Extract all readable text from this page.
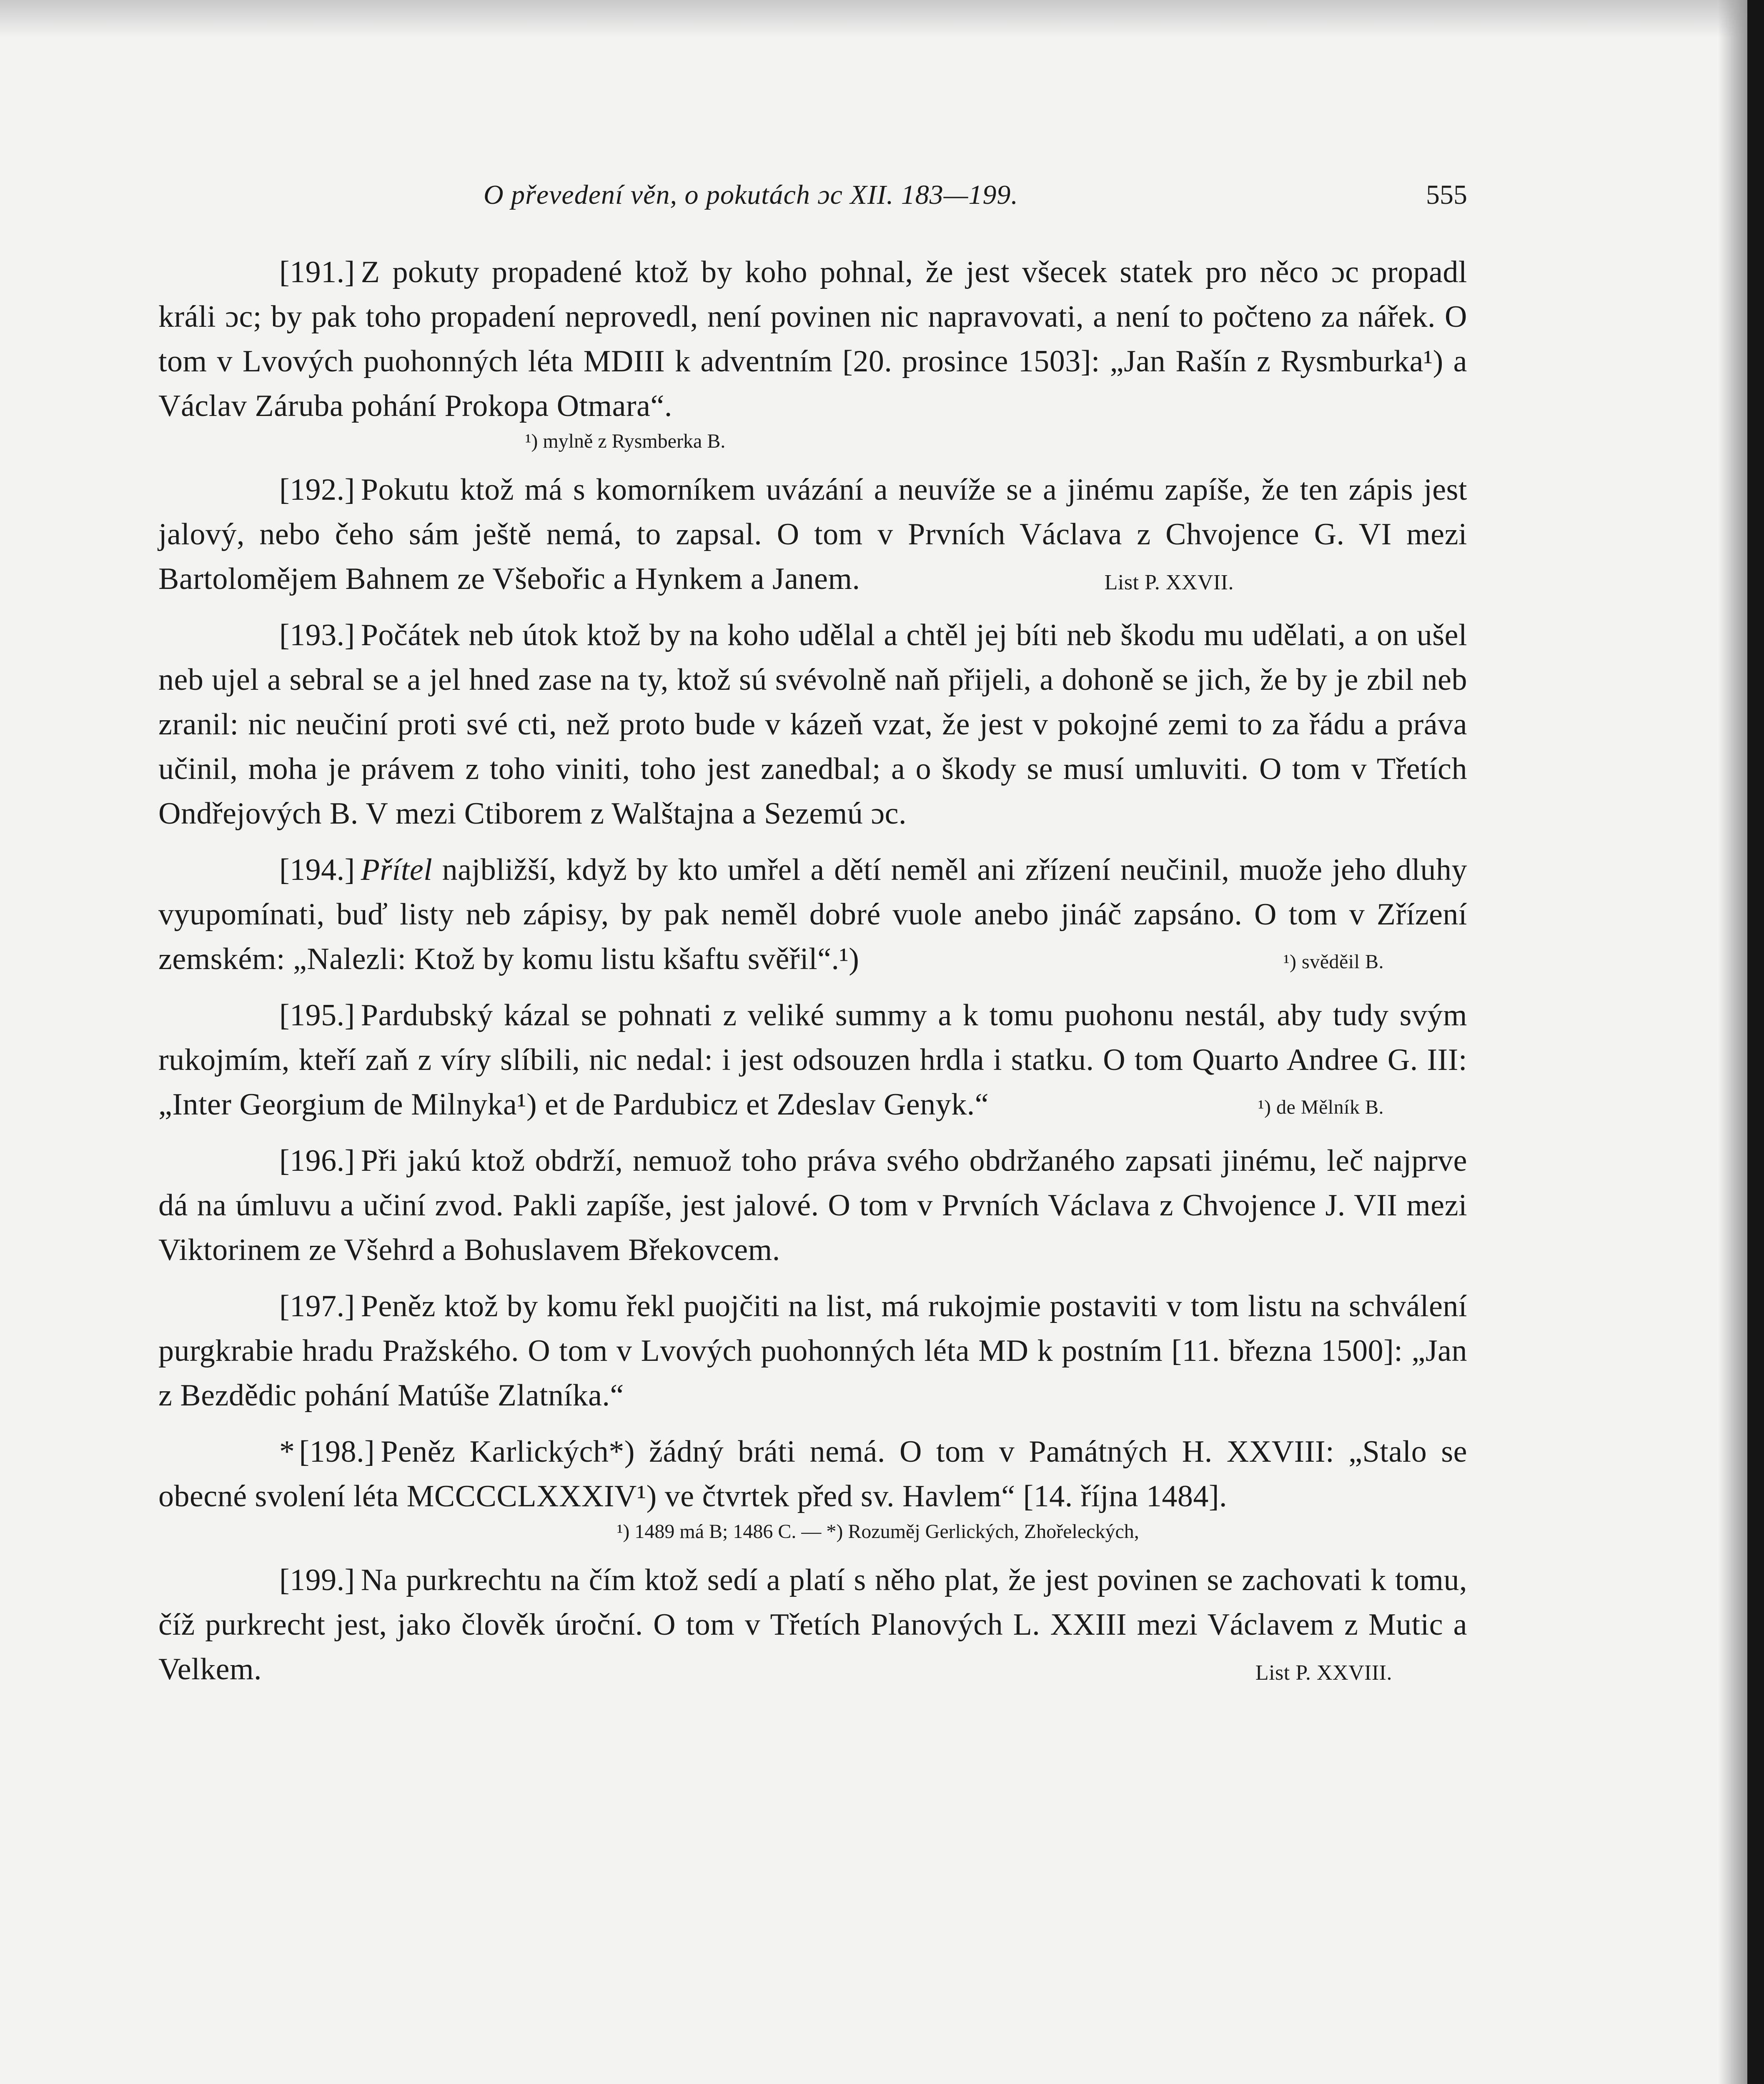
O převedení věn, o pokutách ɔc XII. 183—199.	555

[191.] Z pokuty propadené ktož by koho pohnal, že jest všecek statek pro něco ɔc propadl králi ɔc; by pak toho propadení neprovedl, není povinen nic napravovati, a není to počteno za nářek. O tom v Lvových puohonných léta MDIII k adventním [20. prosince 1503]: „Jan Rašín z Rysmburka¹) a Václav Záruba pohání Prokopa Otmara“.

¹) mylně z Rysmberka B.

[192.] Pokutu ktož má s komorníkem uvázání a neuvíže se a jinému zapíše, že ten zápis jest jalový, nebo čeho sám ještě nemá, to zapsal. O tom v Prvních Václava z Chvojence G. VI mezi Bartolomějem Bahnem ze Všebořic a Hynkem a Janem.	List P. XXVII.

[193.] Počátek neb útok ktož by na koho udělal a chtěl jej bíti neb škodu mu udělati, a on ušel neb ujel a sebral se a jel hned zase na ty, ktož sú svévolně naň přijeli, a dohoně se jich, že by je zbil neb zranil: nic neučiní proti své cti, než proto bude v kázeň vzat, že jest v pokojné zemi to za řádu a práva učinil, moha je právem z toho viniti, toho jest zanedbal; a o škody se musí umluviti. O tom v Třetích Ondřejových B. V mezi Ctiborem z Walštajna a Sezemú ɔc.

[194.] Přítel najbližší, když by kto umřel a dětí neměl ani zřízení neučinil, muože jeho dluhy vyupomínati, buď listy neb zápisy, by pak neměl dobré vuole anebo jináč zapsáno. O tom v Zřízení zemském: „Nalezli: Ktož by komu listu kšaftu svěřil“.¹)	¹) svěděil B.

[195.] Pardubský kázal se pohnati z veliké summy a k tomu puohonu nestál, aby tudy svým rukojmím, kteří zaň z víry slíbili, nic nedal: i jest odsouzen hrdla i statku. O tom Quarto Andree G. III: „Inter Georgium de Milnyka¹) et de Pardubicz et Zdeslav Genyk.“	¹) de Mělník B.

[196.] Při jakú ktož obdrží, nemuož toho práva svého obdržaného zapsati jinému, leč najprve dá na úmluvu a učiní zvod. Pakli zapíše, jest jalové. O tom v Prvních Václava z Chvojence J. VII mezi Viktorinem ze Všehrd a Bohuslavem Břekovcem.

[197.] Peněz ktož by komu řekl puojčiti na list, má rukojmie postaviti v tom listu na schválení purgkrabie hradu Pražského. O tom v Lvových puohonných léta MD k postním [11. března 1500]: „Jan z Bezdědic pohání Matúše Zlatníka.“

* [198.] Peněz Karlických*) žádný bráti nemá. O tom v Památných H. XXVIII: „Stalo se obecné svolení léta MCCCCLXXXIV¹) ve čtvrtek před sv. Havlem“ [14. října 1484].

¹) 1489 má B; 1486 C. — *) Rozuměj Gerlických, Zhořeleckých,

[199.] Na purkrechtu na čím ktož sedí a platí s něho plat, že jest povinen se zachovati k tomu, číž purkrecht jest, jako člověk úroční. O tom v Třetích Planových L. XXIII mezi Václavem z Mutic a Velkem.	List P. XXVIII.
